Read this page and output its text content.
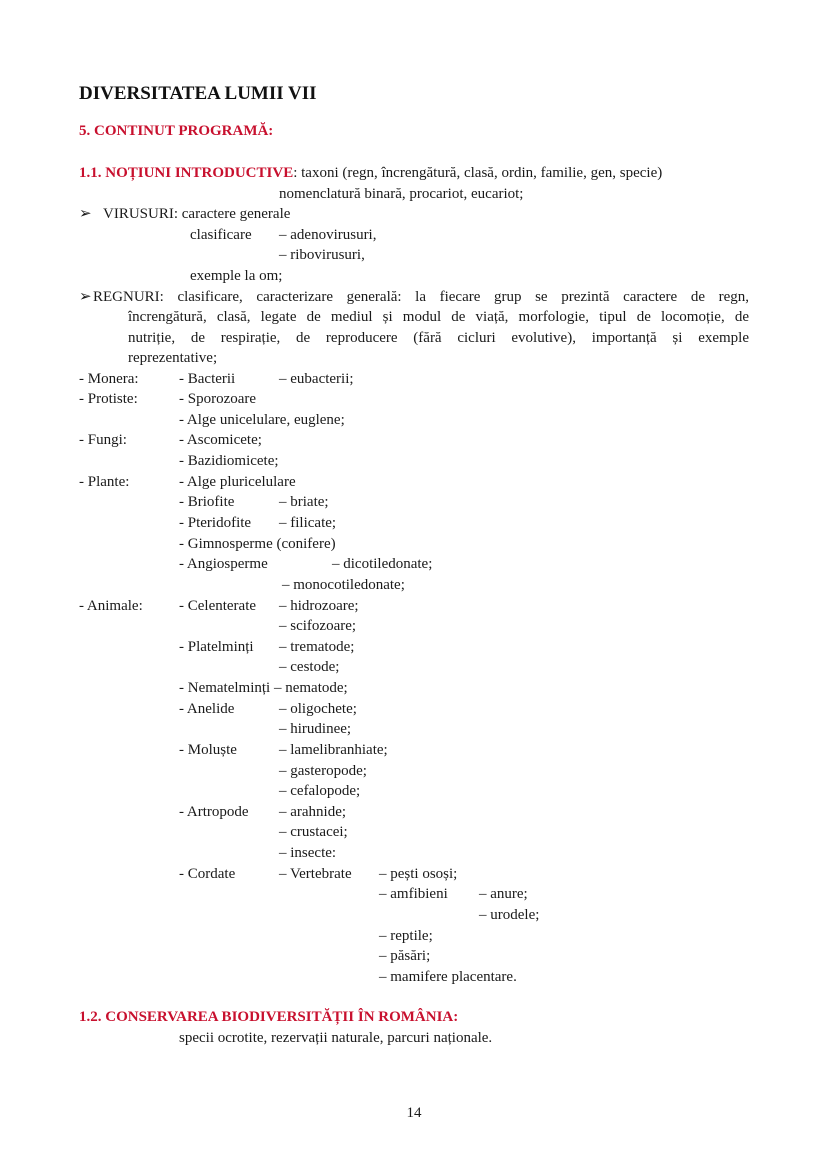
DIVERSITATEA LUMII VII
5. CONTINUT PROGRAMĂ:
1.1. NOȚIUNI INTRODUCTIVE: taxoni (regn, încrengătură, clasă, ordin, familie, gen, specie)
nomenclatură binară, procariot, eucariot;
➢ VIRUSURI: caractere generale
clasificare – adenovirusuri,
– ribovirusuri,
exemple la om;
➢ REGNURI: clasificare, caracterizare generală: la fiecare grup se prezintă caractere de regn,
încrengătură, clasă, legate de mediul și modul de viață, morfologie, tipul de locomoție, de
nutriție, de respirație, de reproducere (fără cicluri evolutive), importanță și exemple
reprezentative;
- Monera:	- Bacterii	– eubacterii;
- Protiste:	- Sporozoare
- Alge unicelulare, euglene;
- Fungi:	- Ascomicete;
- Bazidiomicete;
- Plante:	- Alge pluricelulare
- Briofite	– briate;
- Pteridofite – filicate;
- Gimnosperme (conifere)
- Angiosperme	– dicotiledonate;
– monocotiledonate;
- Animale: - Celenterate – hidrozoare;
– scifozoare;
- Platelminți – trematode;
– cestode;
- Nematelminți – nematode;
- Anelide	– oligochete;
– hirudinee;
- Moluște	– lamelibranhiate;
– gasteropode;
– cefalopode;
- Artropode – arahnide;
– crustacei;
– insecte:
- Cordate	– Vertebrate – pești osoși;
– amfibieni – anure;
– urodele;
– reptile;
– păsări;
– mamifere placentare.
1.2. CONSERVAREA BIODIVERSITĂȚII ÎN ROMÂNIA:
specii ocrotite, rezervații naturale, parcuri naționale.
14
